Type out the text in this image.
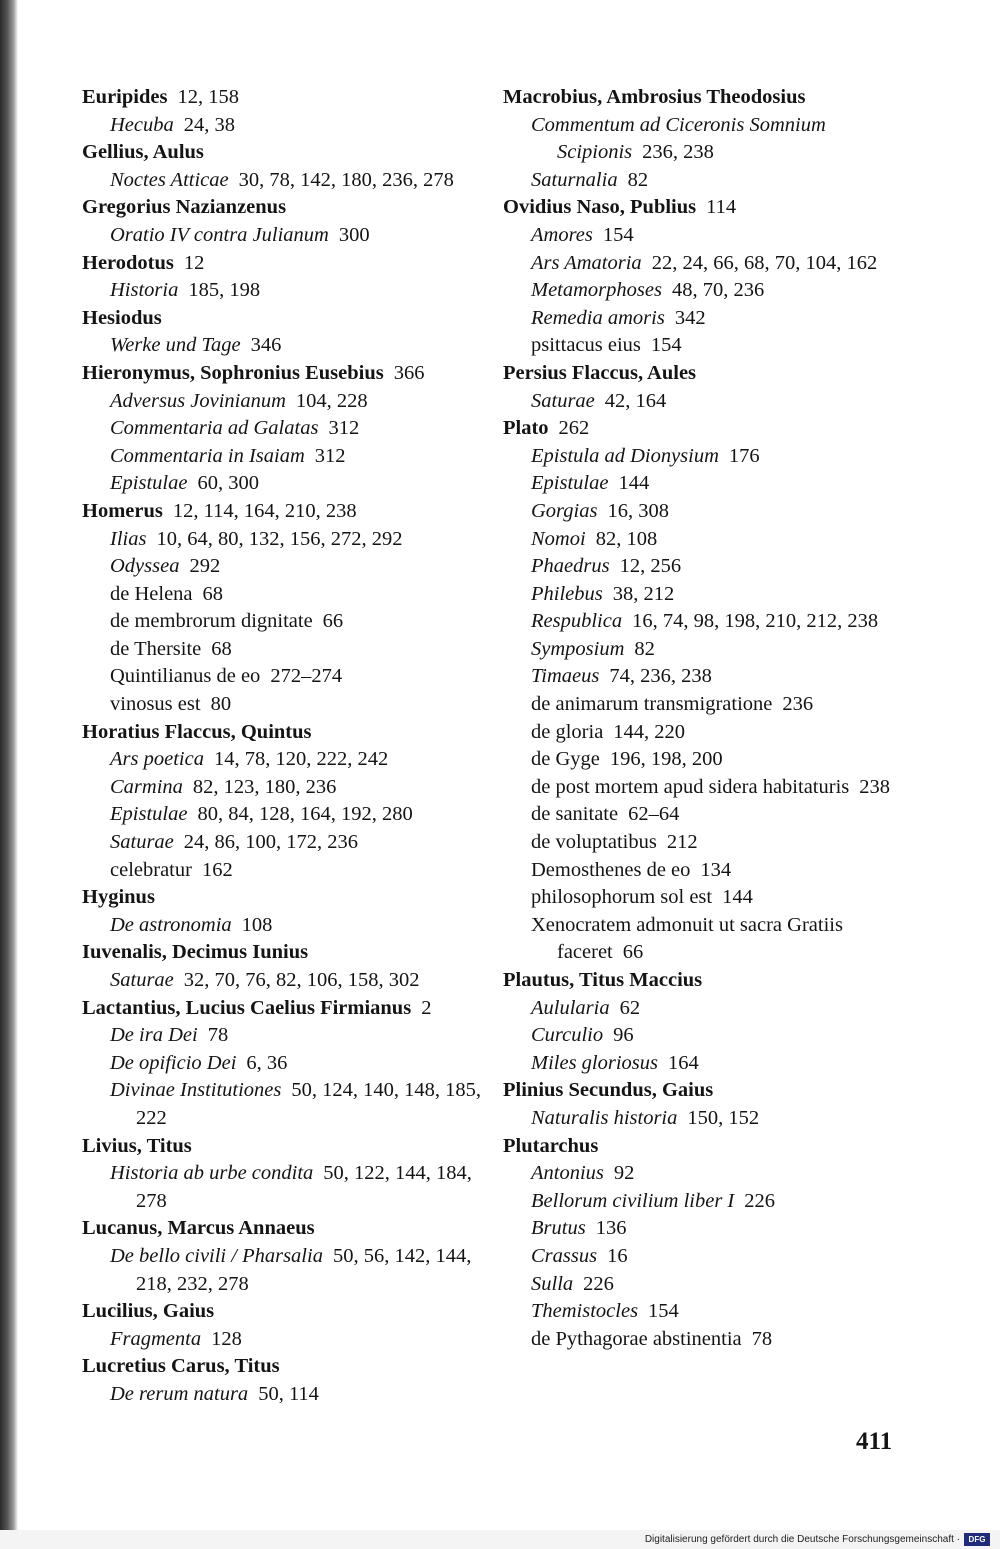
Euripides 12, 158

Hecuba 24, 38

Gellius, Aulus

Noctes Atticae 30, 78, 142, 180, 236, 278

Gregorius Nazianzenus

Oratio IV contra Julianum 300

Herodotus 12

Historia 185, 198

Hesiodus

Werke und Tage 346

Hieronymus, Sophronius Eusebius 366

Adversus Jovinianum 104, 228

Commentaria ad Galatas 312

Commentaria in Isaiam 312

Epistulae 60, 300

Homerus 12, 114, 164, 210, 238

Ilias 10, 64, 80, 132, 156, 272, 292

Odyssea 292

de Helena 68

de membrorum dignitate 66

de Thersite 68

Quintilianus de eo 272–274

vinosus est 80

Horatius Flaccus, Quintus

Ars poetica 14, 78, 120, 222, 242

Carmina 82, 123, 180, 236

Epistulae 80, 84, 128, 164, 192, 280

Saturae 24, 86, 100, 172, 236

celebratur 162

Hyginus

De astronomia 108

Iuvenalis, Decimus Iunius

Saturae 32, 70, 76, 82, 106, 158, 302

Lactantius, Lucius Caelius Firmianus 2

De ira Dei 78

De opificio Dei 6, 36

Divinae Institutiones 50, 124, 140, 148, 185, 222

Livius, Titus

Historia ab urbe condita 50, 122, 144, 184, 278

Lucanus, Marcus Annaeus

De bello civili / Pharsalia 50, 56, 142, 144, 218, 232, 278

Lucilius, Gaius

Fragmenta 128

Lucretius Carus, Titus

De rerum natura 50, 114

Macrobius, Ambrosius Theodosius

Commentum ad Ciceronis Somnium Scipionis 236, 238

Saturnalia 82

Ovidius Naso, Publius 114

Amores 154

Ars Amatoria 22, 24, 66, 68, 70, 104, 162

Metamorphoses 48, 70, 236

Remedia amoris 342

psittacus eius 154

Persius Flaccus, Aules

Saturae 42, 164

Plato 262

Epistula ad Dionysium 176

Epistulae 144

Gorgias 16, 308

Nomoi 82, 108

Phaedrus 12, 256

Philebus 38, 212

Respublica 16, 74, 98, 198, 210, 212, 238

Symposium 82

Timaeus 74, 236, 238

de animarum transmigratione 236

de gloria 144, 220

de Gyge 196, 198, 200

de post mortem apud sidera habitaturis 238

de sanitate 62–64

de voluptatibus 212

Demosthenes de eo 134

philosophorum sol est 144

Xenocratem admonuit ut sacra Gratiis faceret 66

Plautus, Titus Maccius

Aulularia 62

Curculio 96

Miles gloriosus 164

Plinius Secundus, Gaius

Naturalis historia 150, 152

Plutarchus

Antonius 92

Bellorum civilium liber I 226

Brutus 136

Crassus 16

Sulla 226

Themistocles 154

de Pythagorae abstinentia 78

411
Digitalisierung gefördert durch die Deutsche Forschungsgemeinschaft ·	DFG
